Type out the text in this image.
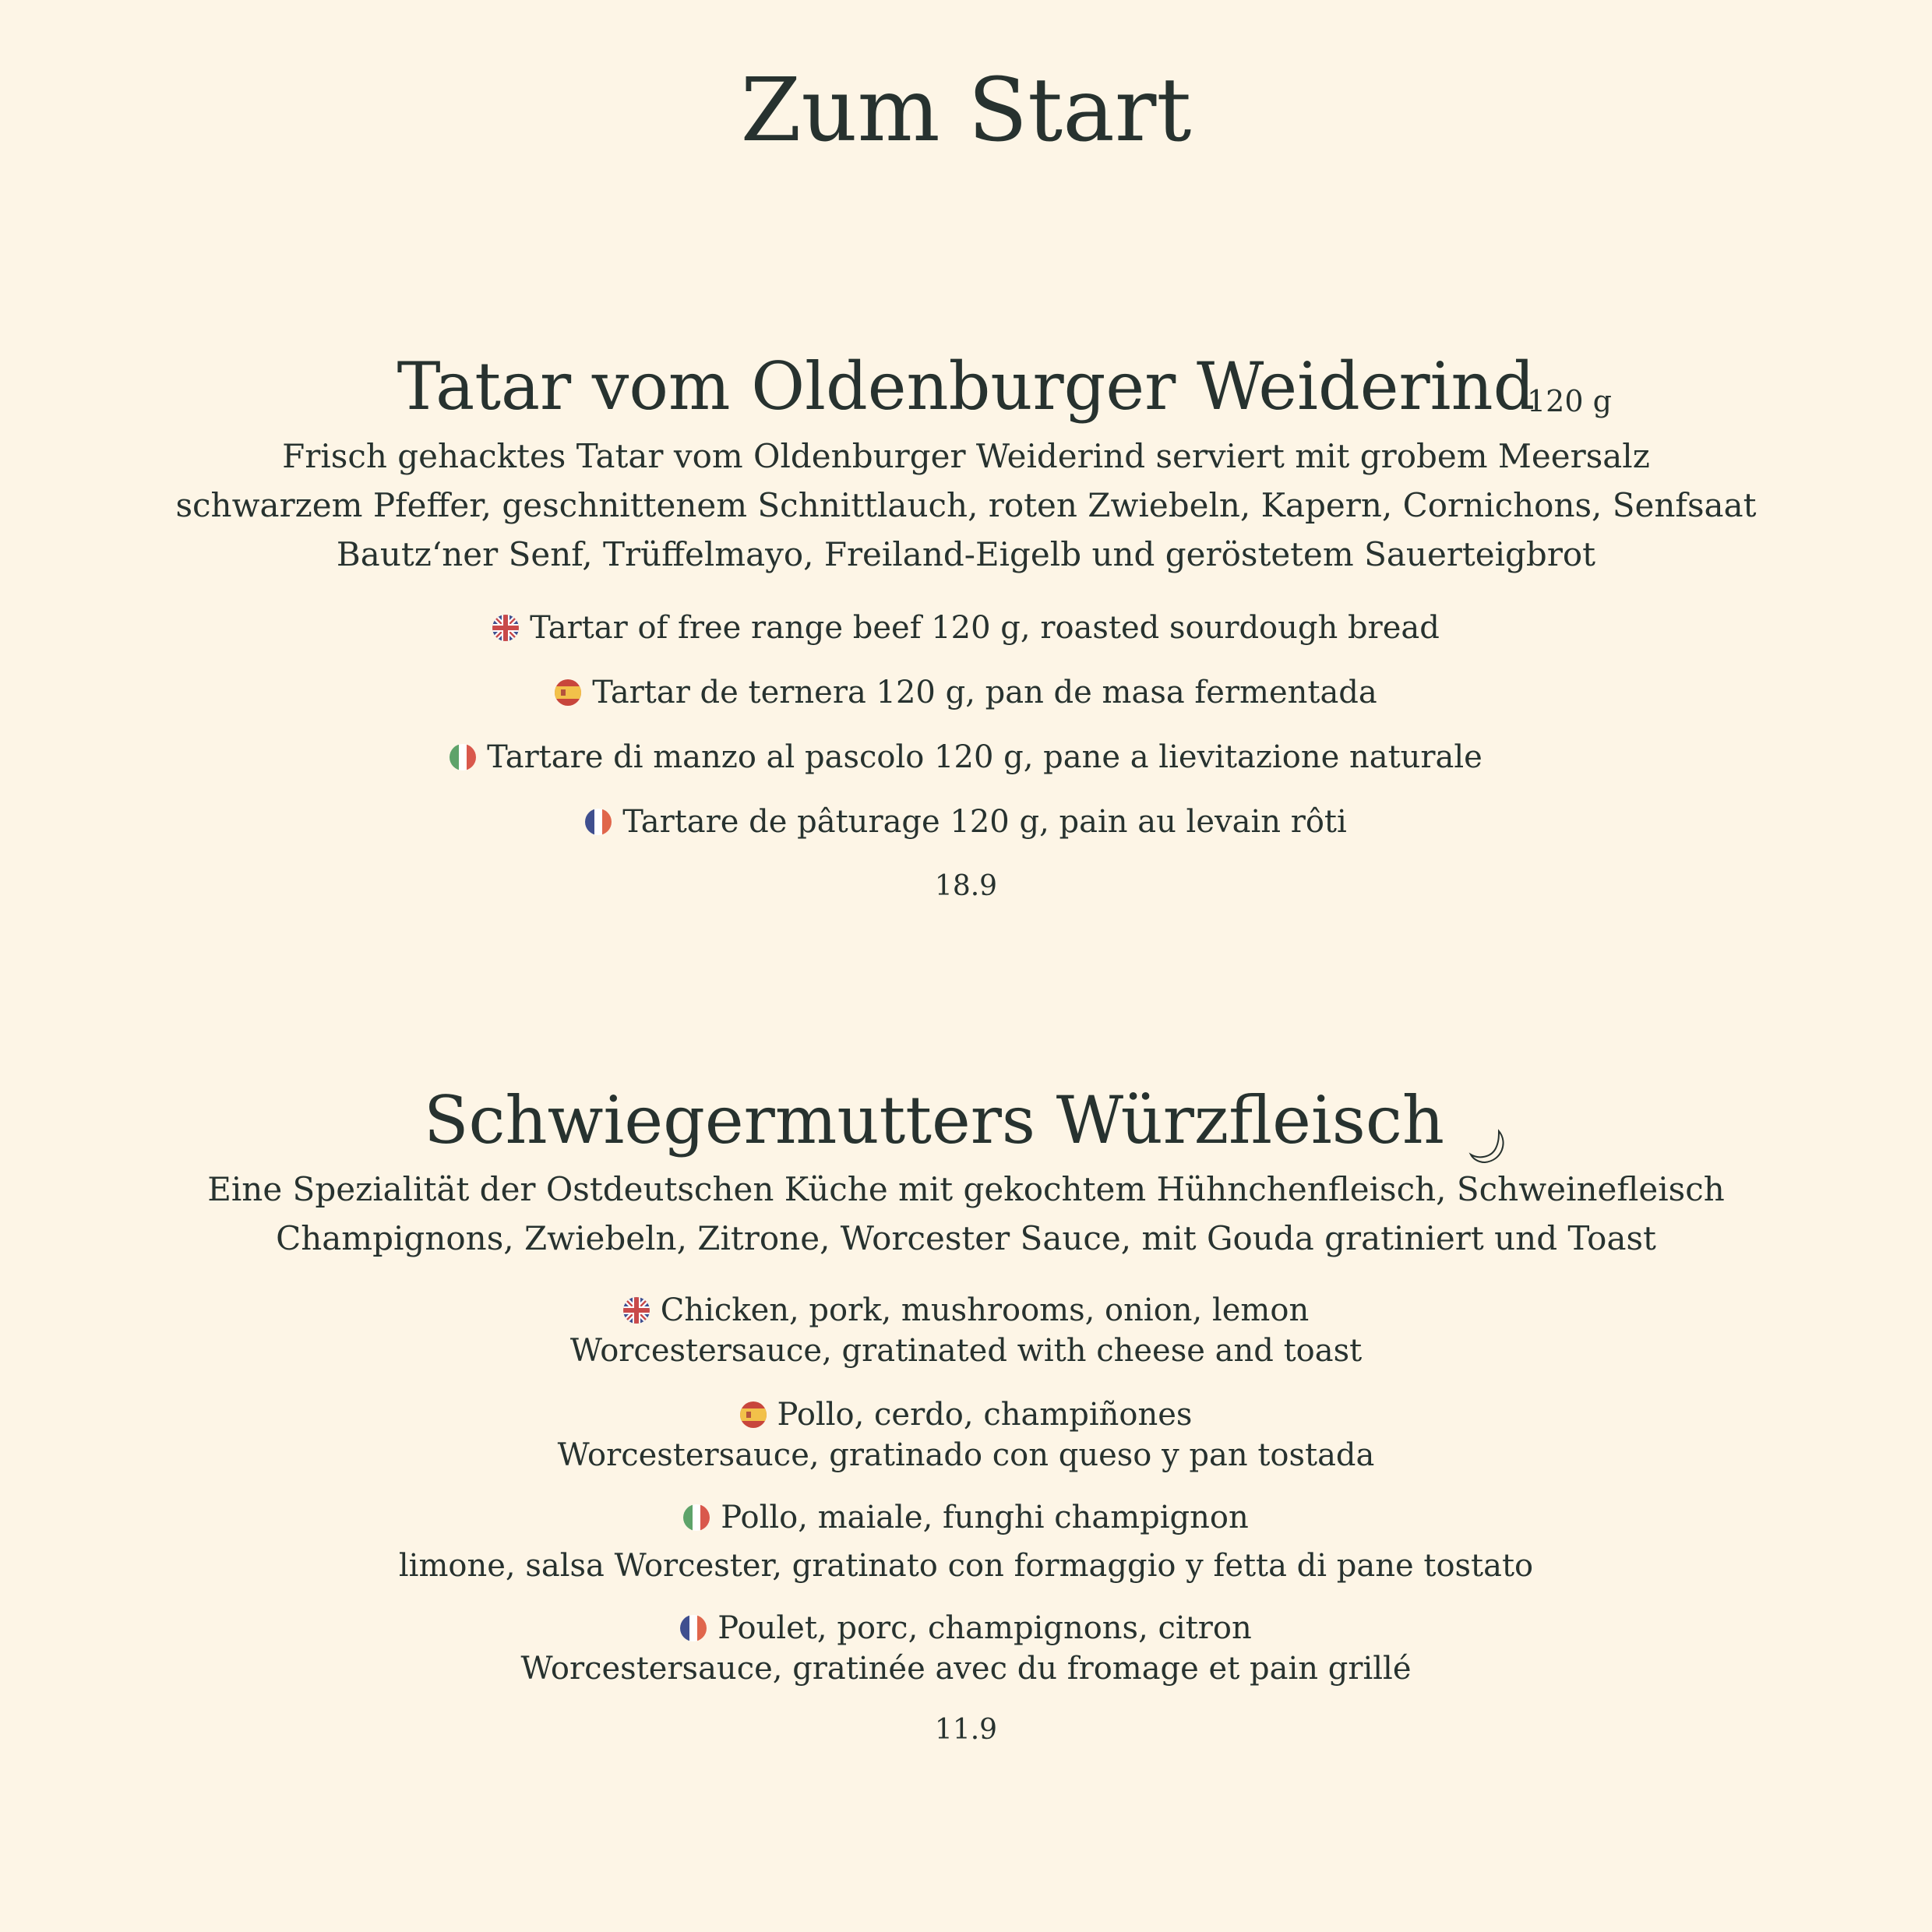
Zum Start
Tatar vom Oldenburger Weiderind
120 g
Frisch gehacktes Tatar vom Oldenburger Weiderind serviert mit grobem Meersalz
schwarzem Pfeffer, geschnittenem Schnittlauch, roten Zwiebeln, Kapern, Cornichons, Senfsaat
Bautz‘ner Senf, Trüffelmayo, Freiland-Eigelb und geröstetem Sauerteigbrot
Tartar of free range beef 120 g, roasted sourdough bread
Tartar de ternera 120 g, pan de masa fermentada
Tartare di manzo al pascolo 120 g, pane a lievitazione naturale
Tartare de pâturage 120 g, pain au levain rôti
18.9
Schwiegermutters Würzfleisch
Eine Spezialität der Ostdeutschen Küche mit gekochtem Hühnchenfleisch, Schweinefleisch
Champignons, Zwiebeln, Zitrone, Worcester Sauce, mit Gouda gratiniert und Toast
Chicken, pork, mushrooms, onion, lemon
Worcestersauce, gratinated with cheese and toast
Pollo, cerdo, champiñones
Worcestersauce, gratinado con queso y pan tostada
Pollo, maiale, funghi champignon
limone, salsa Worcester, gratinato con formaggio y fetta di pane tostato
Poulet, porc, champignons, citron
Worcestersauce, gratinée avec du fromage et pain grillé
11.9
